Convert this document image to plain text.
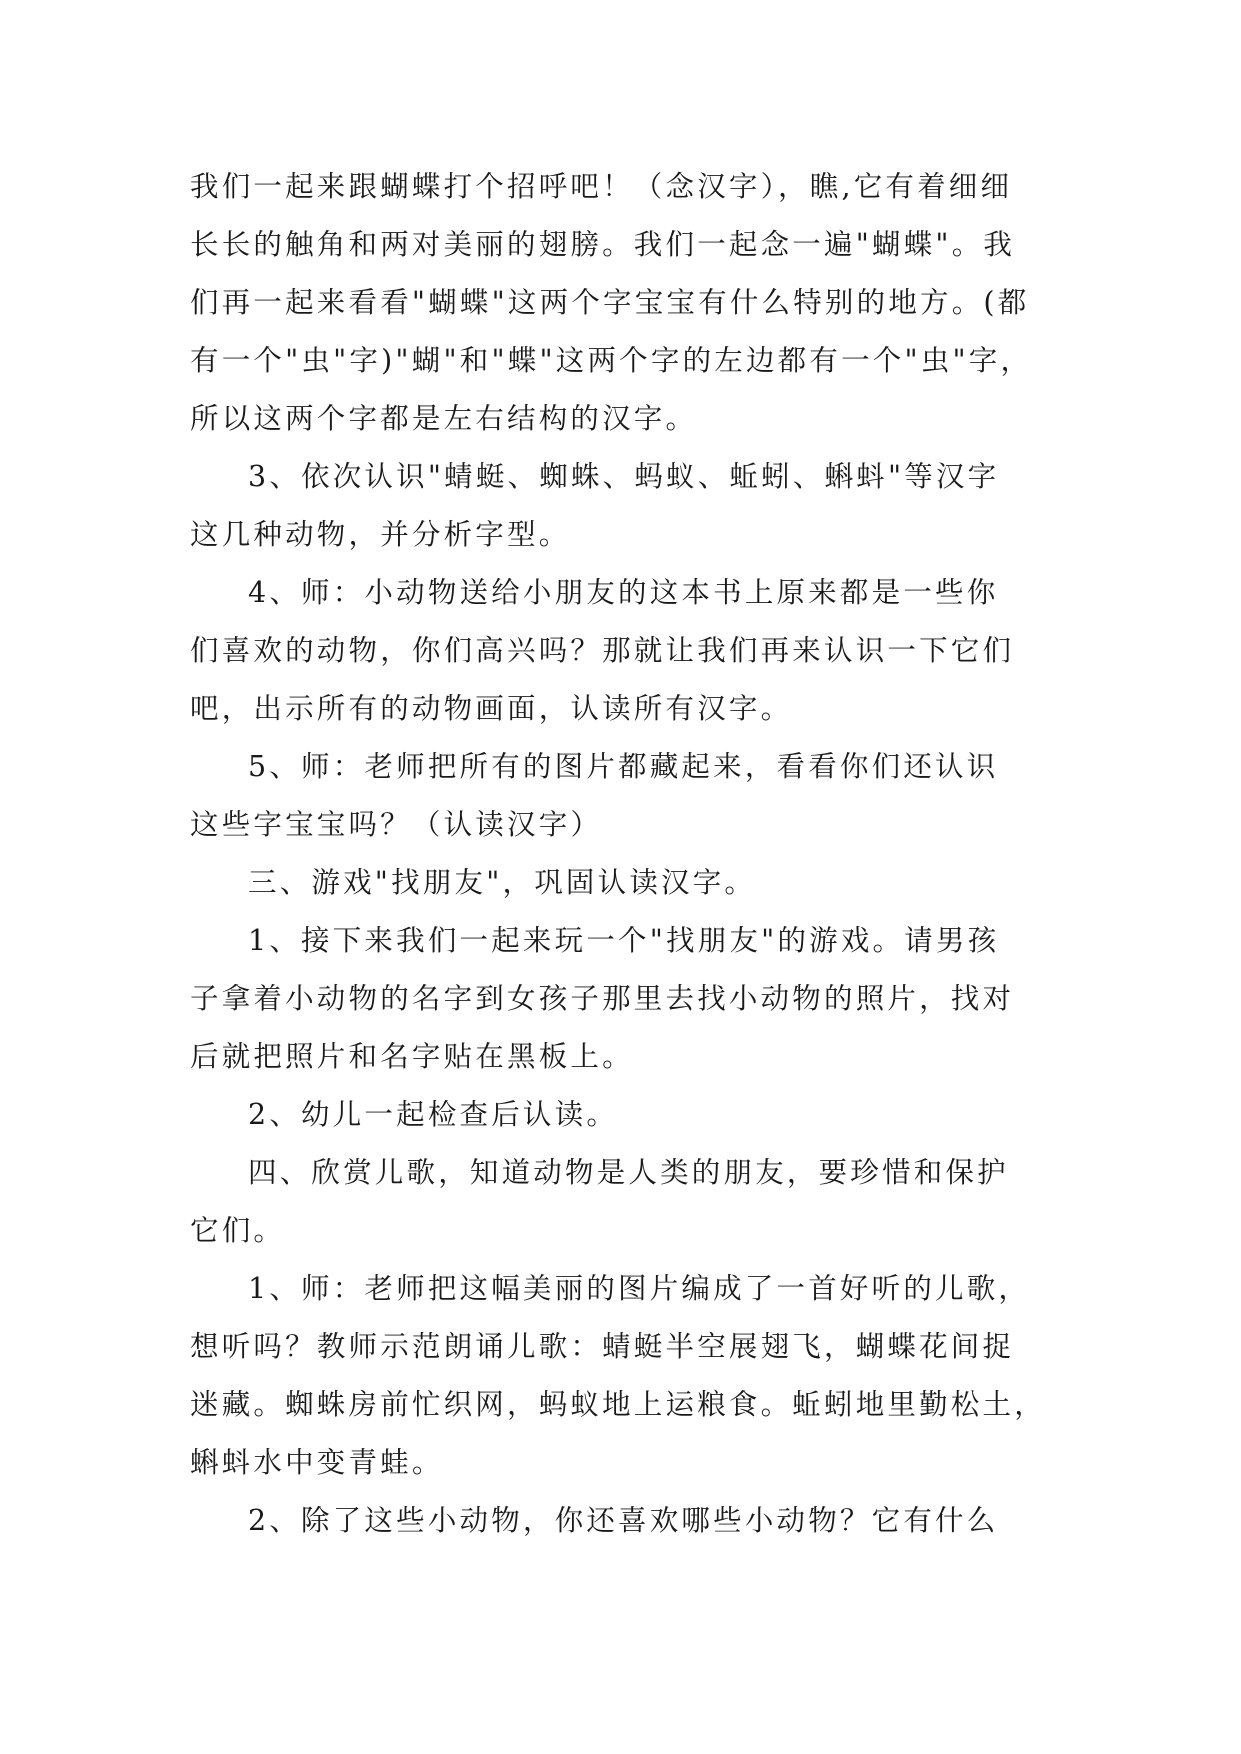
我们一起来跟蝴蝶打个招呼吧！（念汉字），瞧,它有着细细
长长的触角和两对美丽的翅膀。我们一起念一遍"蝴蝶"。我
们再一起来看看"蝴蝶"这两个字宝宝有什么特别的地方。(都
有一个"虫"字)"蝴"和"蝶"这两个字的左边都有一个"虫"字，
所以这两个字都是左右结构的汉字。
3、依次认识"蜻蜓、蜘蛛、蚂蚁、蚯蚓、蝌蚪"等汉字
这几种动物，并分析字型。
4、师：小动物送给小朋友的这本书上原来都是一些你
们喜欢的动物，你们高兴吗？那就让我们再来认识一下它们
吧，出示所有的动物画面，认读所有汉字。
5、师：老师把所有的图片都藏起来，看看你们还认识
这些字宝宝吗？（认读汉字）
三、游戏"找朋友"，巩固认读汉字。
1、接下来我们一起来玩一个"找朋友"的游戏。请男孩
子拿着小动物的名字到女孩子那里去找小动物的照片，找对
后就把照片和名字贴在黑板上。
2、幼儿一起检查后认读。
四、欣赏儿歌，知道动物是人类的朋友，要珍惜和保护
它们。
1、师：老师把这幅美丽的图片编成了一首好听的儿歌，
想听吗？教师示范朗诵儿歌：蜻蜓半空展翅飞，蝴蝶花间捉
迷藏。蜘蛛房前忙织网，蚂蚁地上运粮食。蚯蚓地里勤松土，
蝌蚪水中变青蛙。
2、除了这些小动物，你还喜欢哪些小动物？它有什么
